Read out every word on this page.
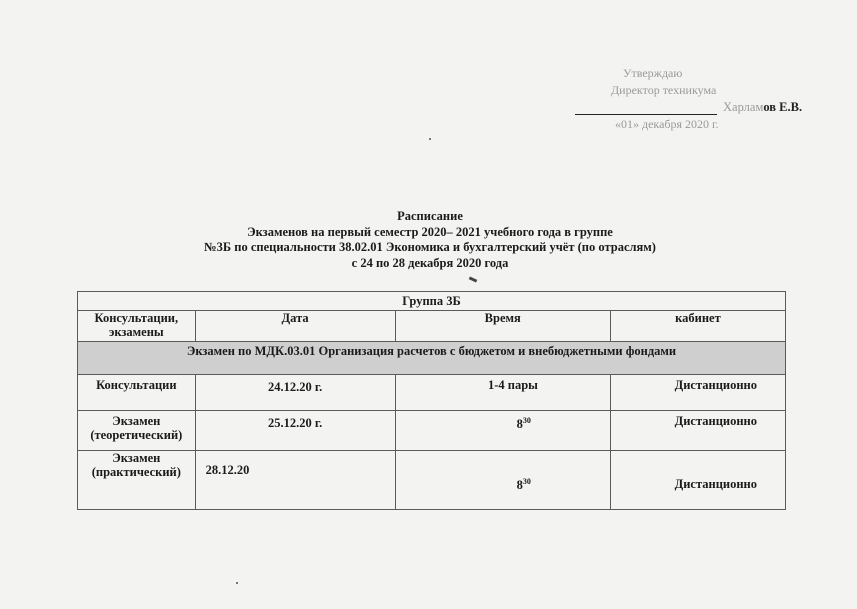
Утверждаю
Директор техникума
Харламов Е.В.
«01» декабря 2020 г.
Расписание
Экзаменов на первый семестр 2020– 2021 учебного года в группе
№3Б по специальности 38.02.01 Экономика и бухгалтерский учёт (по отраслям)
с 24 по 28 декабря 2020 года
Группа 3Б			
Консультации, экзамены	Дата	Время	кабинет

Экзамен по МДК.03.01 Организация расчетов с бюджетом и внебюджетными фондами			

Консультации	24.12.20 г.	1-4 пары	Дистанционно

Экзамен (теоретический)	25.12.20 г.	$8^{30}$	Дистанционно

Экзамен (практический)	28.12.20	$8^{30}$	Дистанционно
